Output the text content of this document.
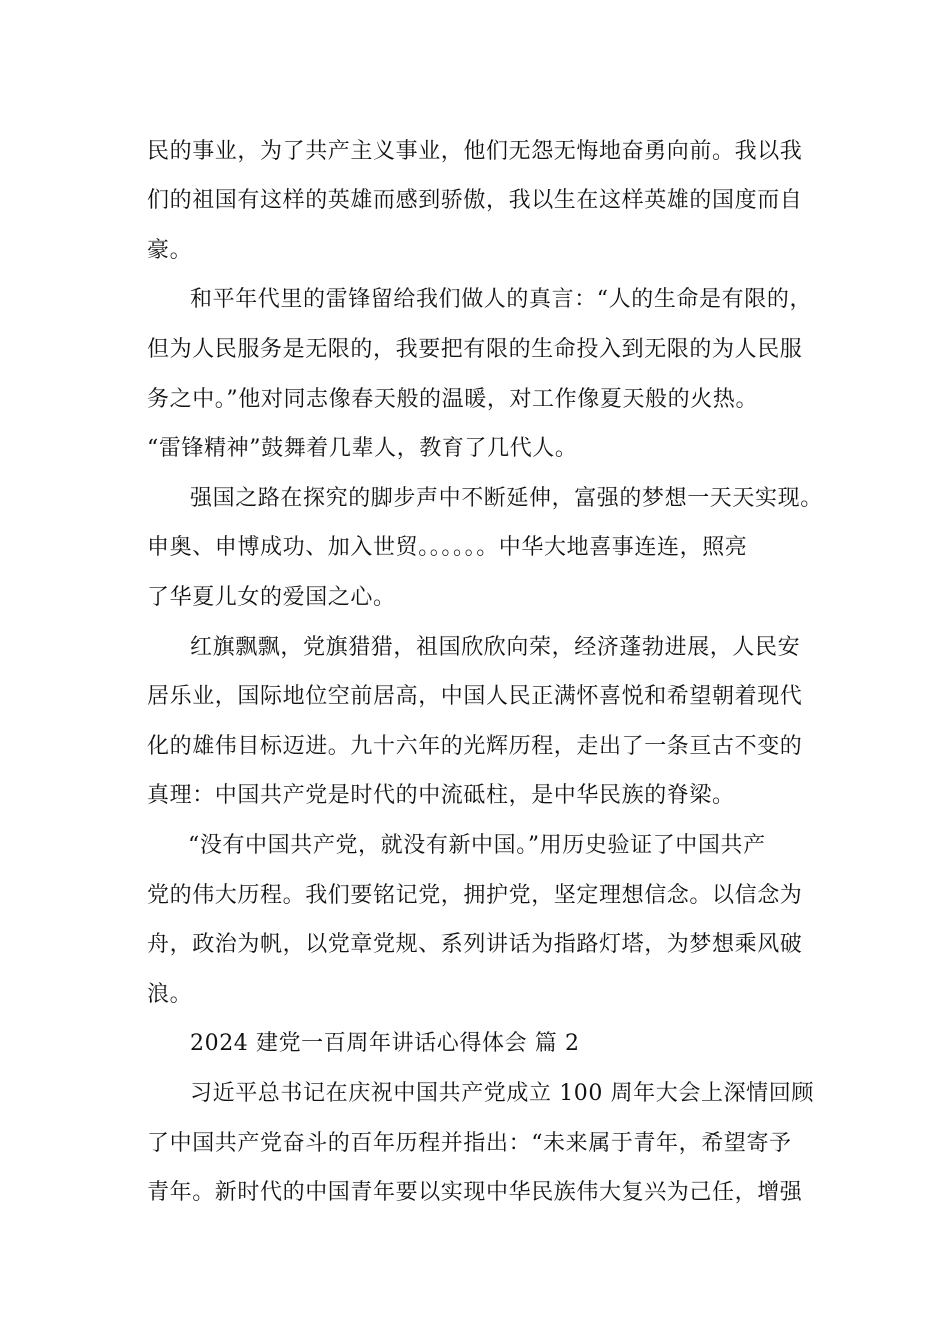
民的事业，为了共产主义事业，他们无怨无悔地奋勇向前。我以我
们的祖国有这样的英雄而感到骄傲，我以生在这样英雄的国度而自
豪。
和平年代里的雷锋留给我们做人的真言：“人的生命是有限的，
但为人民服务是无限的，我要把有限的生命投入到无限的为人民服
务之中。”他对同志像春天般的温暖，对工作像夏天般的火热。
“雷锋精神”鼓舞着几辈人，教育了几代人。
强国之路在探究的脚步声中不断延伸，富强的梦想一天天实现。
申奥、申博成功、加入世贸。。。。。。中华大地喜事连连，照亮
了华夏儿女的爱国之心。
红旗飘飘，党旗猎猎，祖国欣欣向荣，经济蓬勃进展，人民安
居乐业，国际地位空前居高，中国人民正满怀喜悦和希望朝着现代
化的雄伟目标迈进。九十六年的光辉历程，走出了一条亘古不变的
真理：中国共产党是时代的中流砥柱，是中华民族的脊梁。
“没有中国共产党，就没有新中国。”用历史验证了中国共产
党的伟大历程。我们要铭记党，拥护党，坚定理想信念。以信念为
舟，政治为帆，以党章党规、系列讲话为指路灯塔，为梦想乘风破
浪。
2024 建党一百周年讲话心得体会 篇 2
习近平总书记在庆祝中国共产党成立 100 周年大会上深情回顾
了中国共产党奋斗的百年历程并指出：“未来属于青年，希望寄予
青年。新时代的中国青年要以实现中华民族伟大复兴为己任，增强
